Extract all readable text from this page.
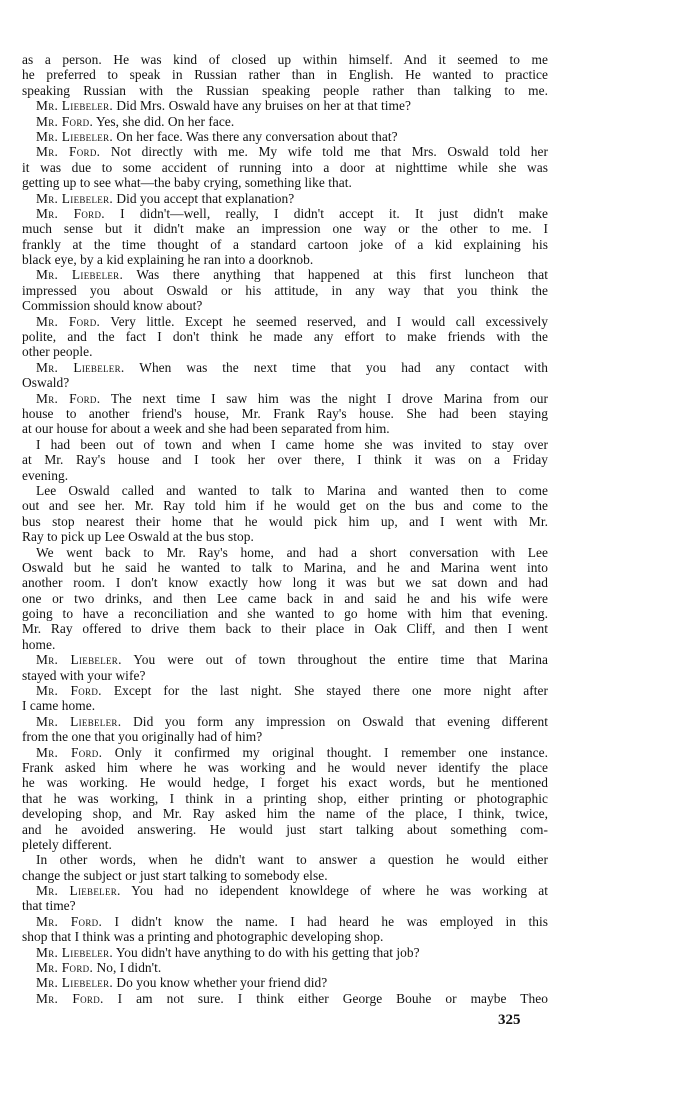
as a person. He was kind of closed up within himself. And it seemed to me
he preferred to speak in Russian rather than in English. He wanted to practice
speaking Russian with the Russian speaking people rather than talking to me.
Mr. Liebeler. Did Mrs. Oswald have any bruises on her at that time?
Mr. Ford. Yes, she did. On her face.
Mr. Liebeler. On her face. Was there any conversation about that?
Mr. Ford. Not directly with me. My wife told me that Mrs. Oswald told her
it was due to some accident of running into a door at nighttime while she was
getting up to see what—the baby crying, something like that.
Mr. Liebeler. Did you accept that explanation?
Mr. Ford. I didn't—well, really, I didn't accept it. It just didn't make
much sense but it didn't make an impression one way or the other to me. I
frankly at the time thought of a standard cartoon joke of a kid explaining his
black eye, by a kid explaining he ran into a doorknob.
Mr. Liebeler. Was there anything that happened at this first luncheon that
impressed you about Oswald or his attitude, in any way that you think the
Commission should know about?
Mr. Ford. Very little. Except he seemed reserved, and I would call excessively
polite, and the fact I don't think he made any effort to make friends with the
other people.
Mr. Liebeler. When was the next time that you had any contact with
Oswald?
Mr. Ford. The next time I saw him was the night I drove Marina from our
house to another friend's house, Mr. Frank Ray's house. She had been staying
at our house for about a week and she had been separated from him.
I had been out of town and when I came home she was invited to stay over
at Mr. Ray's house and I took her over there, I think it was on a Friday
evening.
Lee Oswald called and wanted to talk to Marina and wanted then to come
out and see her. Mr. Ray told him if he would get on the bus and come to the
bus stop nearest their home that he would pick him up, and I went with Mr.
Ray to pick up Lee Oswald at the bus stop.
We went back to Mr. Ray's home, and had a short conversation with Lee
Oswald but he said he wanted to talk to Marina, and he and Marina went into
another room. I don't know exactly how long it was but we sat down and had
one or two drinks, and then Lee came back in and said he and his wife were
going to have a reconciliation and she wanted to go home with him that evening.
Mr. Ray offered to drive them back to their place in Oak Cliff, and then I went
home.
Mr. Liebeler. You were out of town throughout the entire time that Marina
stayed with your wife?
Mr. Ford. Except for the last night. She stayed there one more night after
I came home.
Mr. Liebeler. Did you form any impression on Oswald that evening different
from the one that you originally had of him?
Mr. Ford. Only it confirmed my original thought. I remember one instance.
Frank asked him where he was working and he would never identify the place
he was working. He would hedge, I forget his exact words, but he mentioned
that he was working, I think in a printing shop, either printing or photographic
developing shop, and Mr. Ray asked him the name of the place, I think, twice,
and he avoided answering. He would just start talking about something com-
pletely different.
In other words, when he didn't want to answer a question he would either
change the subject or just start talking to somebody else.
Mr. Liebeler. You had no idependent knowldege of where he was working at
that time?
Mr. Ford. I didn't know the name. I had heard he was employed in this
shop that I think was a printing and photographic developing shop.
Mr. Liebeler. You didn't have anything to do with his getting that job?
Mr. Ford. No, I didn't.
Mr. Liebeler. Do you know whether your friend did?
Mr. Ford. I am not sure. I think either George Bouhe or maybe Theo
325
